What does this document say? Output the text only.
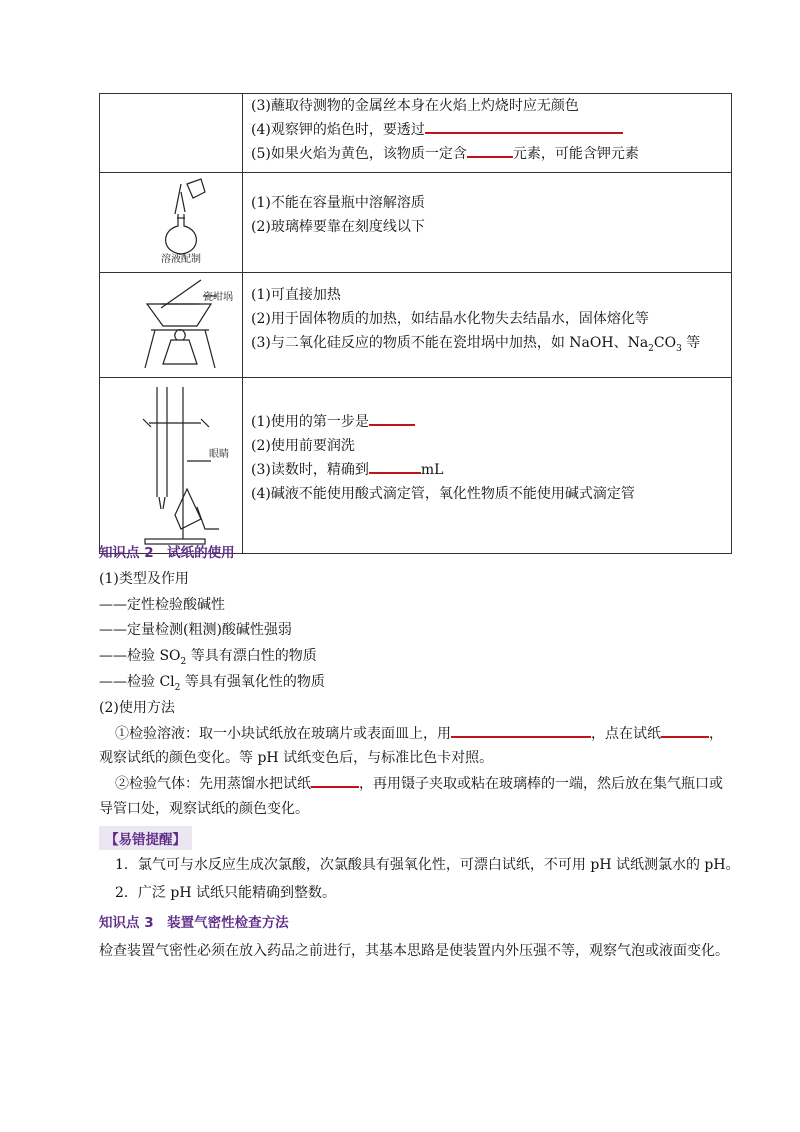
	(3)蘸取待测物的金属丝本身在火焰上灼烧时应无颜色
(4)观察钾的焰色时，要透过
(5)如果火焰为黄色，该物质一定含 元素，可能含钾元素

溶液配制	(1)不能在容量瓶中溶解溶质
(2)玻璃棒要靠在刻度线以下

瓷坩埚	(1)可直接加热
(2)用于固体物质的加热，如结晶水化物失去结晶水，固体熔化等
(3)与二氧化硅反应的物质不能在瓷坩埚中加热，如 NaOH、$Na_2CO_3$ 等

眼睛	(1)使用的第一步是
(2)使用前要润洗
(3)读数时，精确到 mL
(4)碱液不能使用酸式滴定管，氧化性物质不能使用碱式滴定管
知识点 2　试纸的使用
(1)类型及作用
——定性检验酸碱性
——定量检测(粗测)酸碱性强弱
——检验 $SO_2$ 等具有漂白性的物质
——检验 $Cl_2$ 等具有强氧化性的物质
(2)使用方法
①检验溶液：取一小块试纸放在玻璃片或表面皿上，用	，点在试纸	，
观察试纸的颜色变化。等 pH 试纸变色后，与标准比色卡对照。
②检验气体：先用蒸馏水把试纸	，再用镊子夹取或粘在玻璃棒的一端，然后放在集气瓶口或
导管口处，观察试纸的颜色变化。
【易错提醒】
1．氯气可与水反应生成次氯酸，次氯酸具有强氧化性，可漂白试纸，不可用 pH 试纸测氯水的 pH。
2．广泛 pH 试纸只能精确到整数。
知识点 3　装置气密性检查方法
检查装置气密性必须在放入药品之前进行，其基本思路是使装置内外压强不等，观察气泡或液面变化。
